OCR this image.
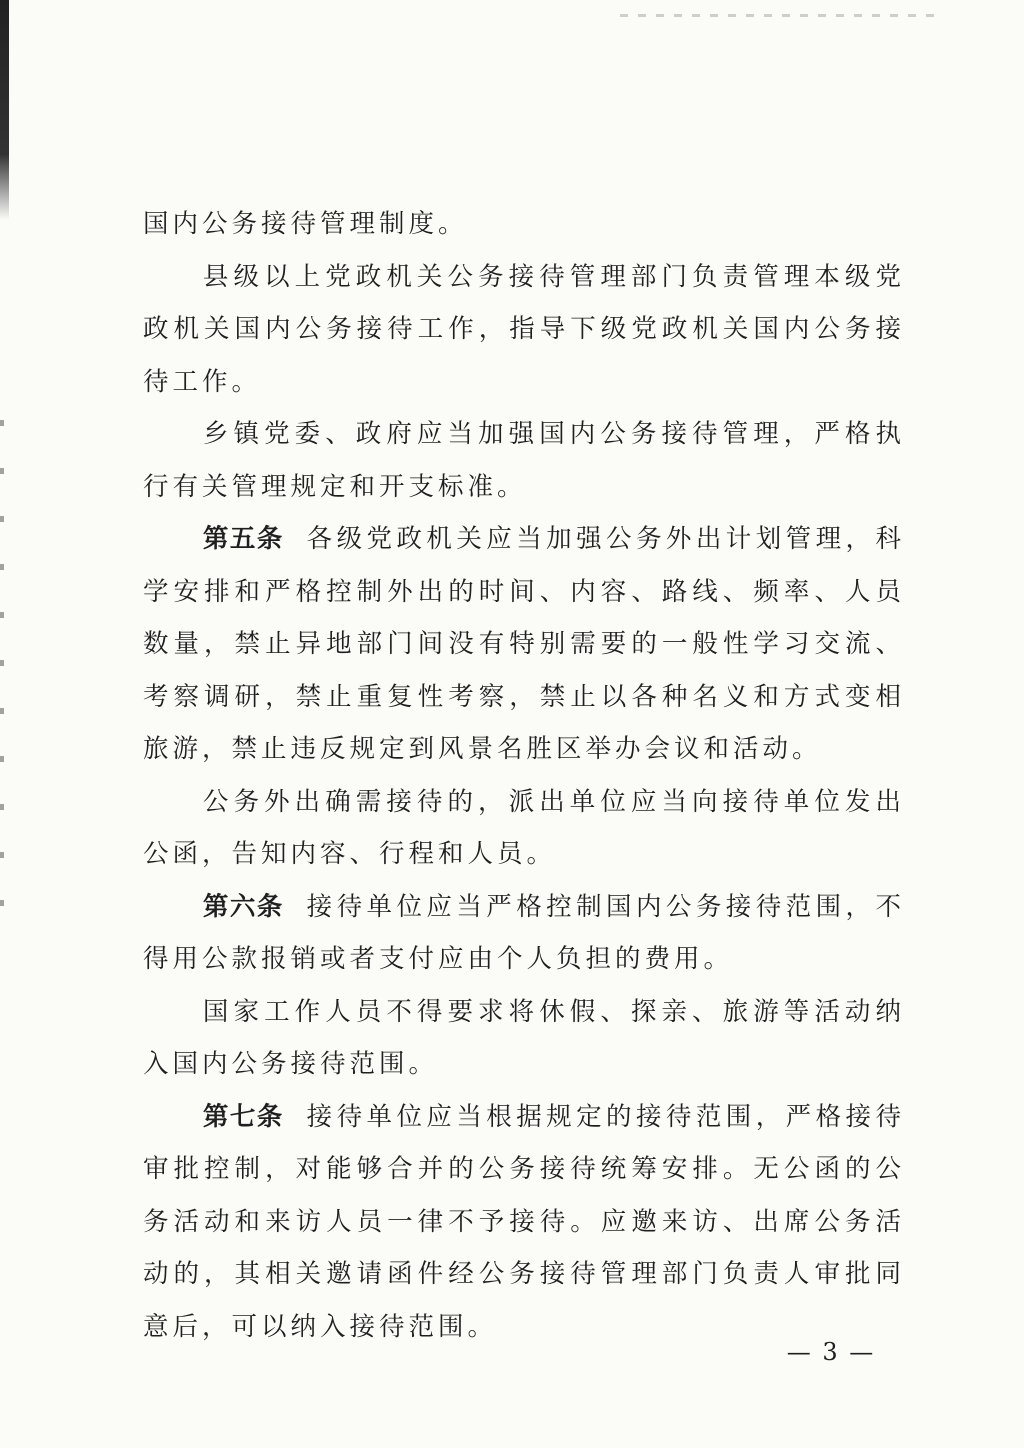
国内公务接待管理制度。

县级以上党政机关公务接待管理部门负责管理本级党政机关国内公务接待工作，指导下级党政机关国内公务接待工作。

乡镇党委、政府应当加强国内公务接待管理，严格执行有关管理规定和开支标准。

第五条 各级党政机关应当加强公务外出计划管理，科学安排和严格控制外出的时间、内容、路线、频率、人员数量，禁止异地部门间没有特别需要的一般性学习交流、考察调研，禁止重复性考察，禁止以各种名义和方式变相旅游，禁止违反规定到风景名胜区举办会议和活动。

公务外出确需接待的，派出单位应当向接待单位发出公函，告知内容、行程和人员。

第六条 接待单位应当严格控制国内公务接待范围，不得用公款报销或者支付应由个人负担的费用。

国家工作人员不得要求将休假、探亲、旅游等活动纳入国内公务接待范围。

第七条 接待单位应当根据规定的接待范围，严格接待审批控制，对能够合并的公务接待统筹安排。无公函的公务活动和来访人员一律不予接待。应邀来访、出席公务活动的，其相关邀请函件经公务接待管理部门负责人审批同意后，可以纳入接待范围。

— 3 —
